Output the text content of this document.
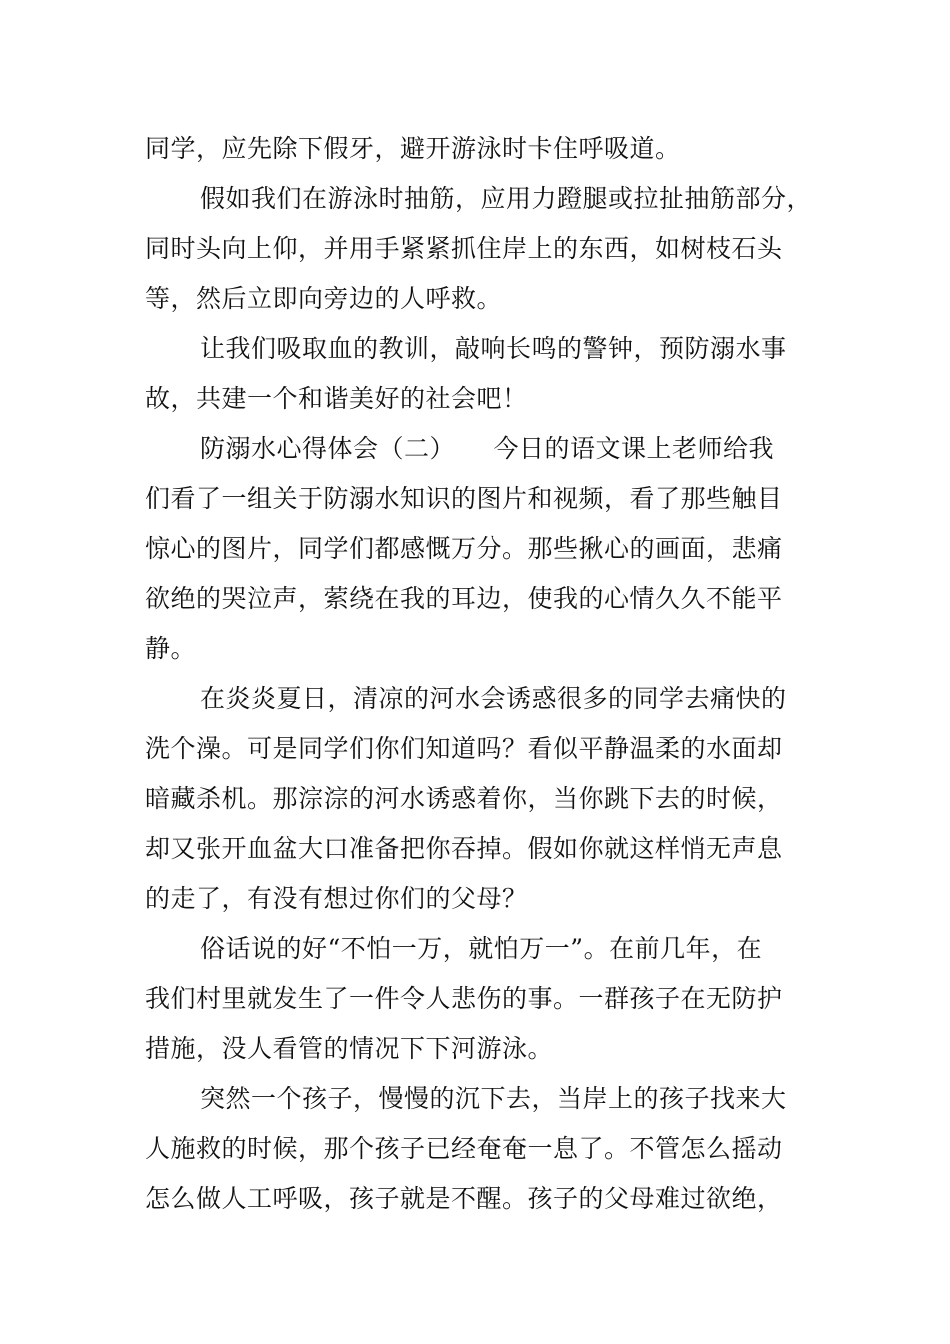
同学，应先除下假牙，避开游泳时卡住呼吸道。
假如我们在游泳时抽筋，应用力蹬腿或拉扯抽筋部分，
同时头向上仰，并用手紧紧抓住岸上的东西，如树枝石头
等，然后立即向旁边的人呼救。
让我们吸取血的教训，敲响长鸣的警钟，预防溺水事
故，共建一个和谐美好的社会吧！
防溺水心得体会（二）　　今日的语文课上老师给我
们看了一组关于防溺水知识的图片和视频，看了那些触目
惊心的图片，同学们都感慨万分。那些揪心的画面，悲痛
欲绝的哭泣声，萦绕在我的耳边，使我的心情久久不能平
静。
在炎炎夏日，清凉的河水会诱惑很多的同学去痛快的
洗个澡。可是同学们你们知道吗？看似平静温柔的水面却
暗藏杀机。那淙淙的河水诱惑着你，当你跳下去的时候，
却又张开血盆大口准备把你吞掉。假如你就这样悄无声息
的走了，有没有想过你们的父母？
俗话说的好“不怕一万，就怕万一”。在前几年，在
我们村里就发生了一件令人悲伤的事。一群孩子在无防护
措施，没人看管的情况下下河游泳。
突然一个孩子，慢慢的沉下去，当岸上的孩子找来大
人施救的时候，那个孩子已经奄奄一息了。不管怎么摇动
怎么做人工呼吸，孩子就是不醒。孩子的父母难过欲绝，
